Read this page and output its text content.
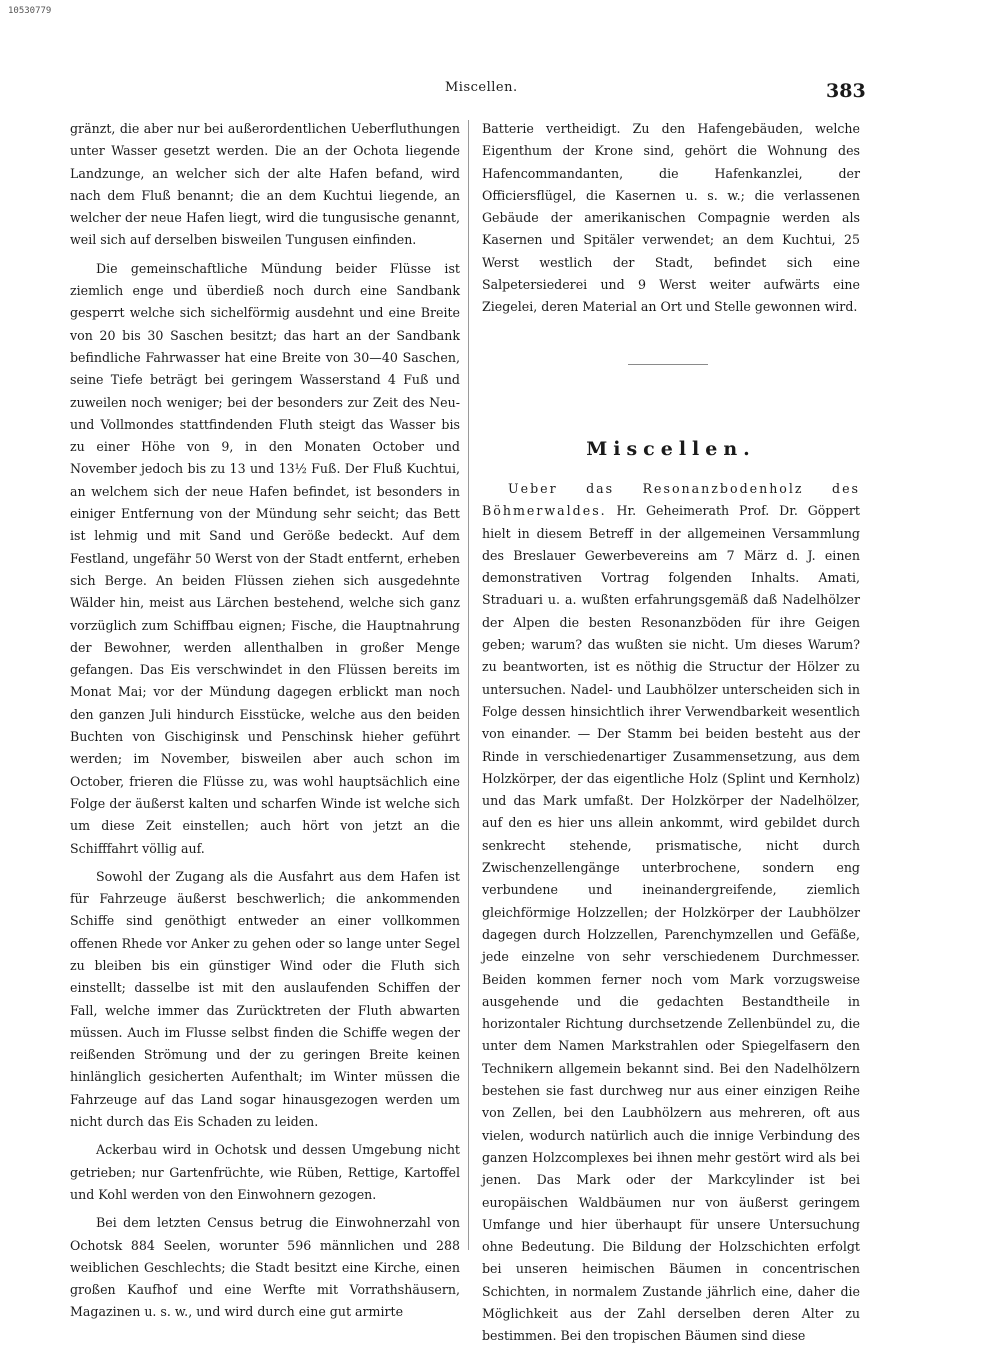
10530779
Miscellen.	383

gränzt, die aber nur bei außerordentlichen Ueberfluthungen unter Wasser gesetzt werden. Die an der Ochota liegende Landzunge, an welcher sich der alte Hafen befand, wird nach dem Fluß benannt; die an dem Kuchtui liegende, an welcher der neue Hafen liegt, wird die tungusische genannt, weil sich auf derselben bisweilen Tungusen einfinden.

Die gemeinschaftliche Mündung beider Flüsse ist ziemlich enge und überdieß noch durch eine Sandbank gesperrt welche sich sichelförmig ausdehnt und eine Breite von 20 bis 30 Saschen besitzt; das hart an der Sandbank befindliche Fahrwasser hat eine Breite von 30—40 Saschen, seine Tiefe beträgt bei geringem Wasserstand 4 Fuß und zuweilen noch weniger; bei der besonders zur Zeit des Neu- und Vollmondes stattfindenden Fluth steigt das Wasser bis zu einer Höhe von 9, in den Monaten October und November jedoch bis zu 13 und 13½ Fuß. Der Fluß Kuchtui, an welchem sich der neue Hafen befindet, ist besonders in einiger Entfernung von der Mündung sehr seicht; das Bett ist lehmig und mit Sand und Geröße bedeckt. Auf dem Festland, ungefähr 50 Werst von der Stadt entfernt, erheben sich Berge. An beiden Flüssen ziehen sich ausgedehnte Wälder hin, meist aus Lärchen bestehend, welche sich ganz vorzüglich zum Schiffbau eignen; Fische, die Hauptnahrung der Bewohner, werden allenthalben in großer Menge gefangen. Das Eis verschwindet in den Flüssen bereits im Monat Mai; vor der Mündung dagegen erblickt man noch den ganzen Juli hindurch Eisstücke, welche aus den beiden Buchten von Gischiginsk und Penschinsk hieher geführt werden; im November, bisweilen aber auch schon im October, frieren die Flüsse zu, was wohl hauptsächlich eine Folge der äußerst kalten und scharfen Winde ist welche sich um diese Zeit einstellen; auch hört von jetzt an die Schifffahrt völlig auf.

Sowohl der Zugang als die Ausfahrt aus dem Hafen ist für Fahrzeuge äußerst beschwerlich; die ankommenden Schiffe sind genöthigt entweder an einer vollkommen offenen Rhede vor Anker zu gehen oder so lange unter Segel zu bleiben bis ein günstiger Wind oder die Fluth sich einstellt; dasselbe ist mit den auslaufenden Schiffen der Fall, welche immer das Zurücktreten der Fluth abwarten müssen. Auch im Flusse selbst finden die Schiffe wegen der reißenden Strömung und der zu geringen Breite keinen hinlänglich gesicherten Aufenthalt; im Winter müssen die Fahrzeuge auf das Land sogar hinausgezogen werden um nicht durch das Eis Schaden zu leiden.

Ackerbau wird in Ochotsk und dessen Umgebung nicht getrieben; nur Gartenfrüchte, wie Rüben, Rettige, Kartoffel und Kohl werden von den Einwohnern gezogen.

Bei dem letzten Census betrug die Einwohnerzahl von Ochotsk 884 Seelen, worunter 596 männlichen und 288 weiblichen Geschlechts; die Stadt besitzt eine Kirche, einen großen Kaufhof und eine Werfte mit Vorrathshäusern, Magazinen u. s. w., und wird durch eine gut armirte

Batterie vertheidigt. Zu den Hafengebäuden, welche Eigenthum der Krone sind, gehört die Wohnung des Hafencommandanten, die Hafenkanzlei, der Officiersflügel, die Kasernen u. s. w.; die verlassenen Gebäude der amerikanischen Compagnie werden als Kasernen und Spitäler verwendet; an dem Kuchtui, 25 Werst westlich der Stadt, befindet sich eine Salpetersiederei und 9 Werst weiter aufwärts eine Ziegelei, deren Material an Ort und Stelle gewonnen wird.

Miscellen.

Ueber das Resonanzbodenholz des Böhmerwaldes. Hr. Geheimerath Prof. Dr. Göppert hielt in diesem Betreff in der allgemeinen Versammlung des Breslauer Gewerbevereins am 7 März d. J. einen demonstrativen Vortrag folgenden Inhalts. Amati, Straduari u. a. wußten erfahrungsgemäß daß Nadelhölzer der Alpen die besten Resonanzböden für ihre Geigen geben; warum? das wußten sie nicht. Um dieses Warum? zu beantworten, ist es nöthig die Structur der Hölzer zu untersuchen. Nadel- und Laubhölzer unterscheiden sich in Folge dessen hinsichtlich ihrer Verwendbarkeit wesentlich von einander. — Der Stamm bei beiden besteht aus der Rinde in verschiedenartiger Zusammensetzung, aus dem Holzkörper, der das eigentliche Holz (Splint und Kernholz) und das Mark umfaßt. Der Holzkörper der Nadelhölzer, auf den es hier uns allein ankommt, wird gebildet durch senkrecht stehende, prismatische, nicht durch Zwischenzellengänge unterbrochene, sondern eng verbundene und ineinandergreifende, ziemlich gleichförmige Holzzellen; der Holzkörper der Laubhölzer dagegen durch Holzzellen, Parenchymzellen und Gefäße, jede einzelne von sehr verschiedenem Durchmesser. Beiden kommen ferner noch vom Mark vorzugsweise ausgehende und die gedachten Bestandtheile in horizontaler Richtung durchsetzende Zellenbündel zu, die unter dem Namen Markstrahlen oder Spiegelfasern den Technikern allgemein bekannt sind. Bei den Nadelhölzern bestehen sie fast durchweg nur aus einer einzigen Reihe von Zellen, bei den Laubhölzern aus mehreren, oft aus vielen, wodurch natürlich auch die innige Verbindung des ganzen Holzcomplexes bei ihnen mehr gestört wird als bei jenen. Das Mark oder der Markcylinder ist bei europäischen Waldbäumen nur von äußerst geringem Umfange und hier überhaupt für unsere Untersuchung ohne Bedeutung. Die Bildung der Holzschichten erfolgt bei unseren heimischen Bäumen in concentrischen Schichten, in normalem Zustande jährlich eine, daher die Möglichkeit aus der Zahl derselben deren Alter zu bestimmen. Bei den tropischen Bäumen sind diese
